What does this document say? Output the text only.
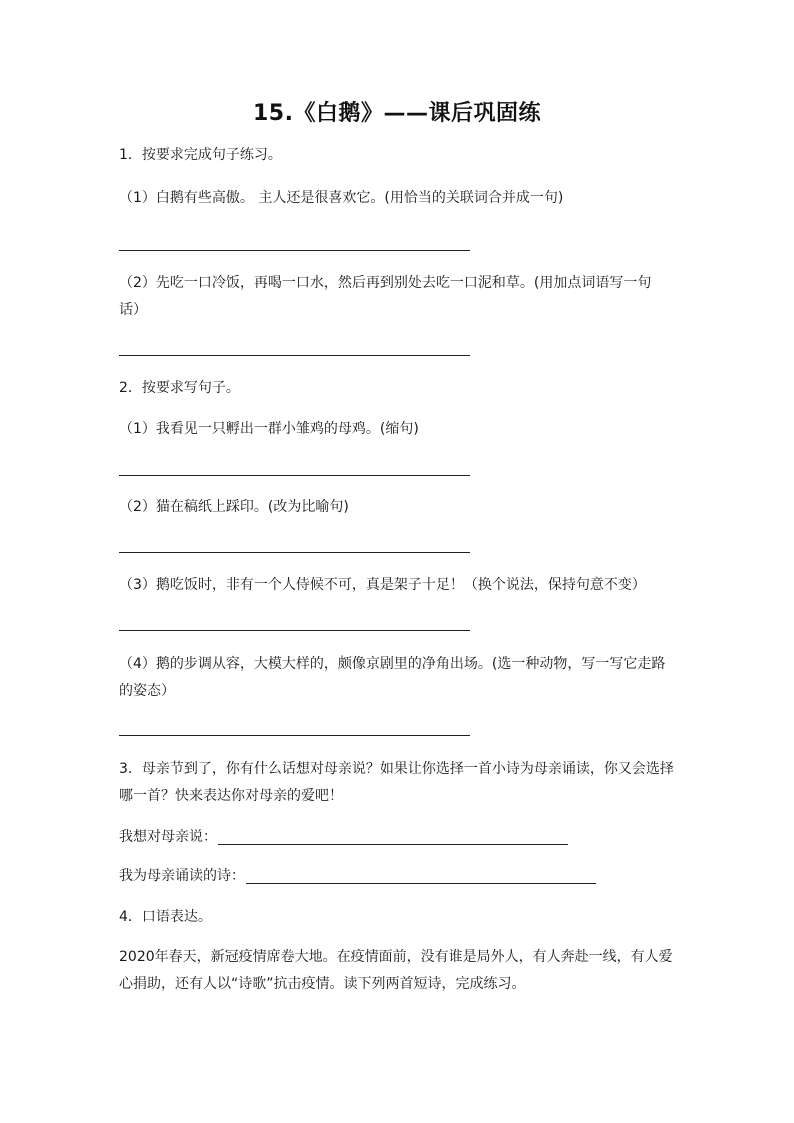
15.《白鹅》——课后巩固练
1．按要求完成句子练习。
（1）白鹅有些高傲。 主人还是很喜欢它。(用恰当的关联词合并成一句)
（2）先吃一口冷饭，再喝一口水，然后再到别处去吃一口泥和草。(用加点词语写一句
话）
2．按要求写句子。
（1）我看见一只孵出一群小雏鸡的母鸡。(缩句)
（2）猫在稿纸上踩印。(改为比喻句)
（3）鹅吃饭时，非有一个人侍候不可，真是架子十足！（换个说法，保持句意不变）
（4）鹅的步调从容，大模大样的，颇像京剧里的净角出场。(选一种动物，写一写它走路
的姿态）
3．母亲节到了，你有什么话想对母亲说？如果让你选择一首小诗为母亲诵读，你又会选择
哪一首？快来表达你对母亲的爱吧！
我想对母亲说：
我为母亲诵读的诗：
4．口语表达。
2020年春天，新冠疫情席卷大地。在疫情面前，没有谁是局外人，有人奔赴一线，有人爱
心捐助，还有人以“诗歌”抗击疫情。读下列两首短诗，完成练习。
